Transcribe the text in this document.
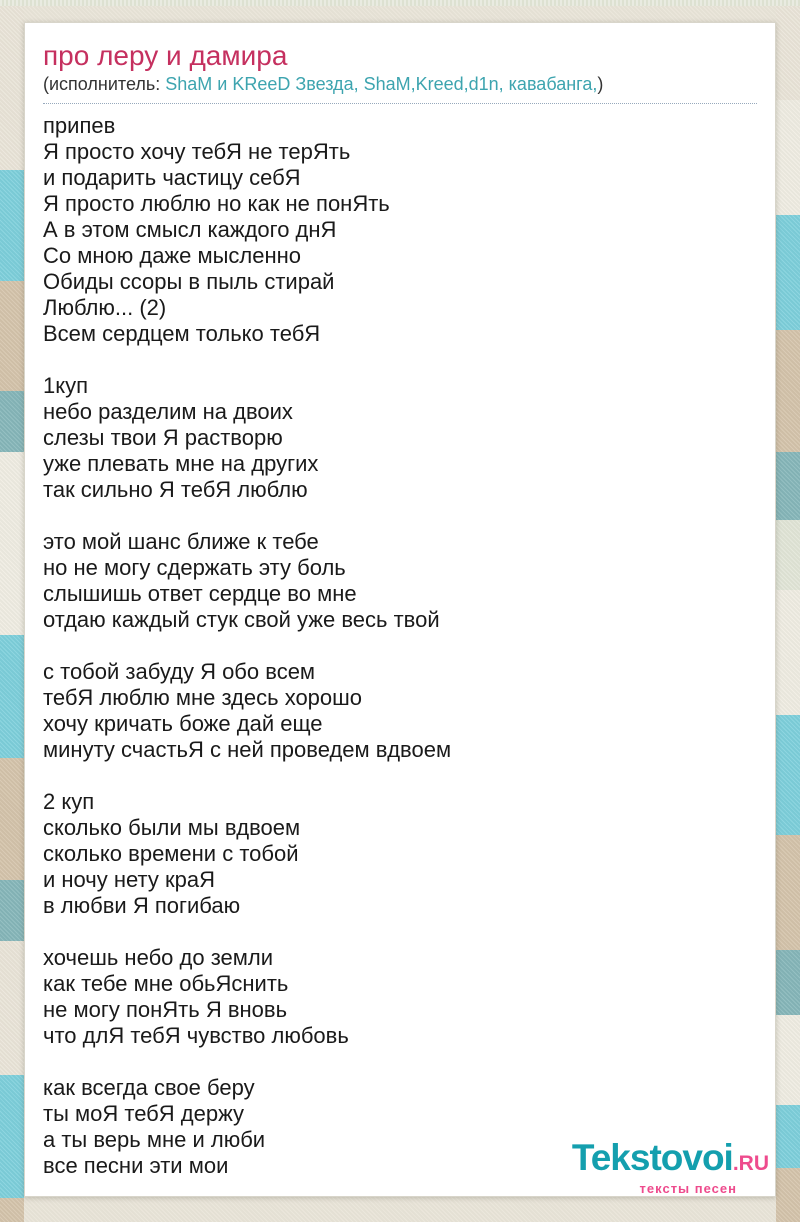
про леру и дамира
(исполнитель: ShaM и KReeD Звезда, ShaM,Kreed,d1n, кавабанга,)

припев
Я просто хочу тебЯ не терЯть
и подарить частицу себЯ
Я просто люблю но как не понЯть
А в этом смысл каждого днЯ
Со мною даже мысленно
Обиды ссоры в пыль стирай
Люблю... (2)
Всем сердцем только тебЯ

1куп
небо разделим на двоих
слезы твои Я растворю
уже плевать мне на других
так сильно Я тебЯ люблю

это мой шанс ближе к тебе
но не могу сдержать эту боль
слышишь ответ сердце во мне
отдаю каждый стук свой уже весь твой

с тобой забуду Я обо всем
тебЯ люблю мне здесь хорошо
хочу кричать боже дай еще
минуту счастьЯ с ней проведем вдвоем

2 куп
сколько были мы вдвоем
сколько времени с тобой
и ночу нету краЯ
в любви Я погибаю

хочешь небо до земли
как тебе мне обьЯснить
не могу понЯть Я вновь
что длЯ тебЯ чувство любовь

как всегда свое беру
ты моЯ тебЯ держу
а ты верь мне и люби
все песни эти мои	Tekstovoi.RU
тексты песен
